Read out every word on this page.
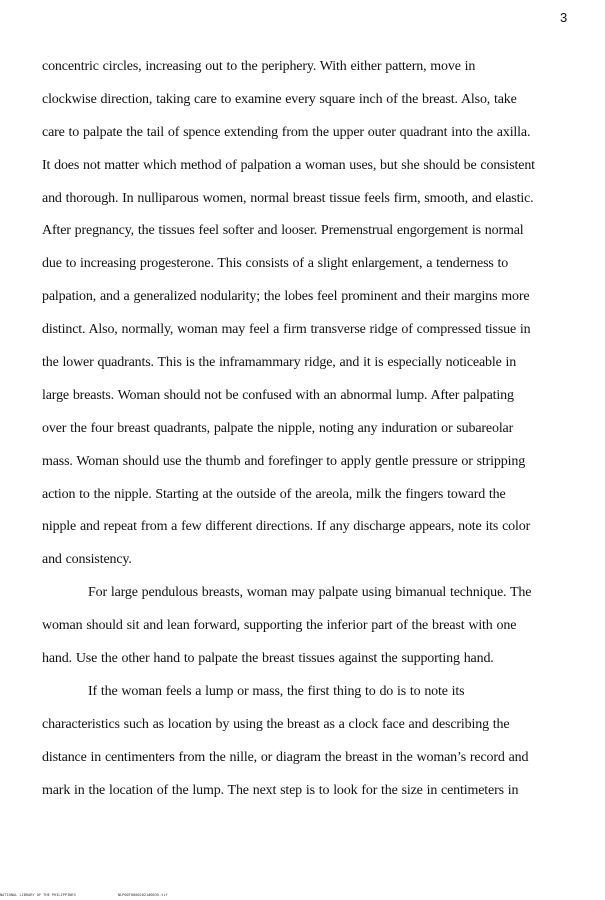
3
concentric circles, increasing out to the periphery. With either pattern, move in
clockwise direction, taking care to examine every square inch of the breast. Also, take
care to palpate the tail of spence extending from the upper outer quadrant into the axilla.
It does not matter which method of palpation a woman uses, but she should be consistent
and thorough. In nulliparous women, normal breast tissue feels firm, smooth, and elastic.
After pregnancy, the tissues feel softer and looser. Premenstrual engorgement is normal
due to increasing progesterone. This consists of a slight enlargement, a tenderness to
palpation, and a generalized nodularity; the lobes feel prominent and their margins more
distinct. Also, normally, woman may feel a firm transverse ridge of compressed tissue in
the lower quadrants. This is the inframammary ridge, and it is especially noticeable in
large breasts. Woman should not be confused with an abnormal lump. After palpating
over the four breast quadrants, palpate the nipple, noting any induration or subareolar
mass. Woman should use the thumb and forefinger to apply gentle pressure or stripping
action to the nipple. Starting at the outside of the areola, milk the fingers toward the
nipple and repeat from a few different directions. If any discharge appears, note its color
and consistency.
For large pendulous breasts, woman may palpate using bimanual technique. The
woman should sit and lean forward, supporting the inferior part of the breast with one
hand. Use the other hand to palpate the breast tissues against the supporting hand.
If the woman feels a lump or mass, the first thing to do is to note its
characteristics such as location by using the breast as a clock face and describing the
distance in centimenters from the nille, or diagram the breast in the woman’s record and
mark in the location of the lump. The next step is to look for the size in centimeters in
NATIONAL LIBRARY OF THE PHILIPPINES	NLP00T00002021#0035.tif
